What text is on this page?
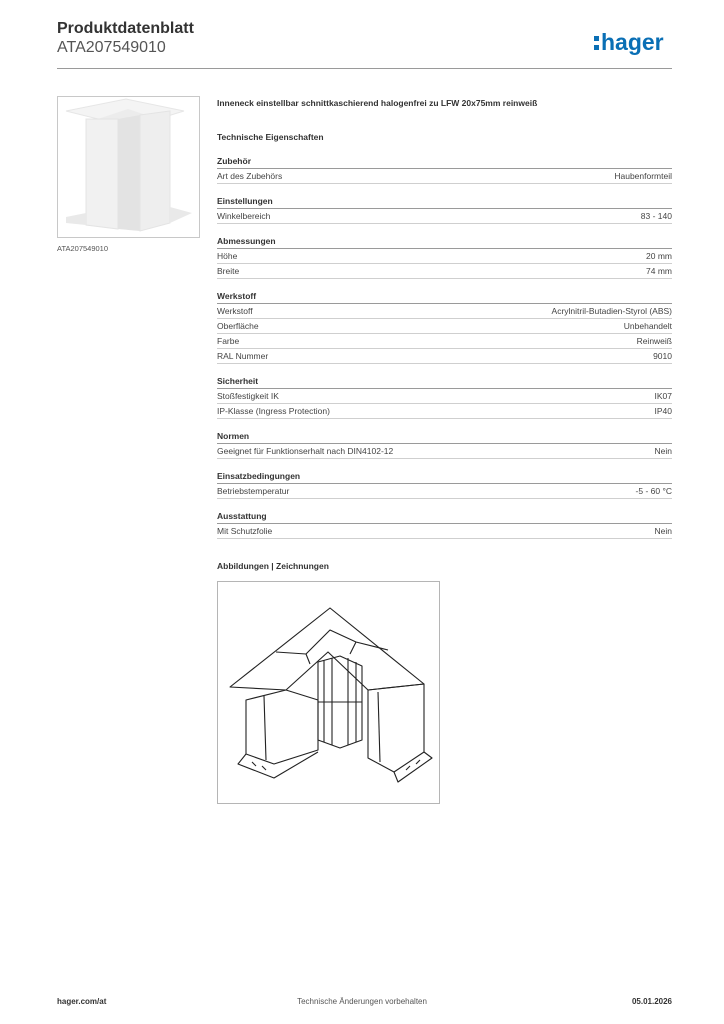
Produktdatenblatt
ATA207549010	hager
ATA207549010
Inneneck einstellbar schnittkaschierend halogenfrei zu LFW 20x75mm reinweiß
Technische Eigenschaften
Zubehör
Art des Zubehörs	Haubenformteil
Einstellungen
Winkelbereich	83 - 140
Abmessungen
Höhe	20 mm
Breite	74 mm
Werkstoff
Werkstoff	Acrylnitril-Butadien-Styrol (ABS)
Oberfläche	Unbehandelt
Farbe	Reinweiß
RAL Nummer	9010
Sicherheit
Stoßfestigkeit IK	IK07
IP-Klasse (Ingress Protection)	IP40
Normen
Geeignet für Funktionserhalt nach DIN4102-12	Nein
Einsatzbedingungen
Betriebstemperatur	-5 - 60 °C
Ausstattung
Mit Schutzfolie	Nein
Abbildungen | Zeichnungen
hager.com/at	Technische Änderungen vorbehalten	05.01.2026
